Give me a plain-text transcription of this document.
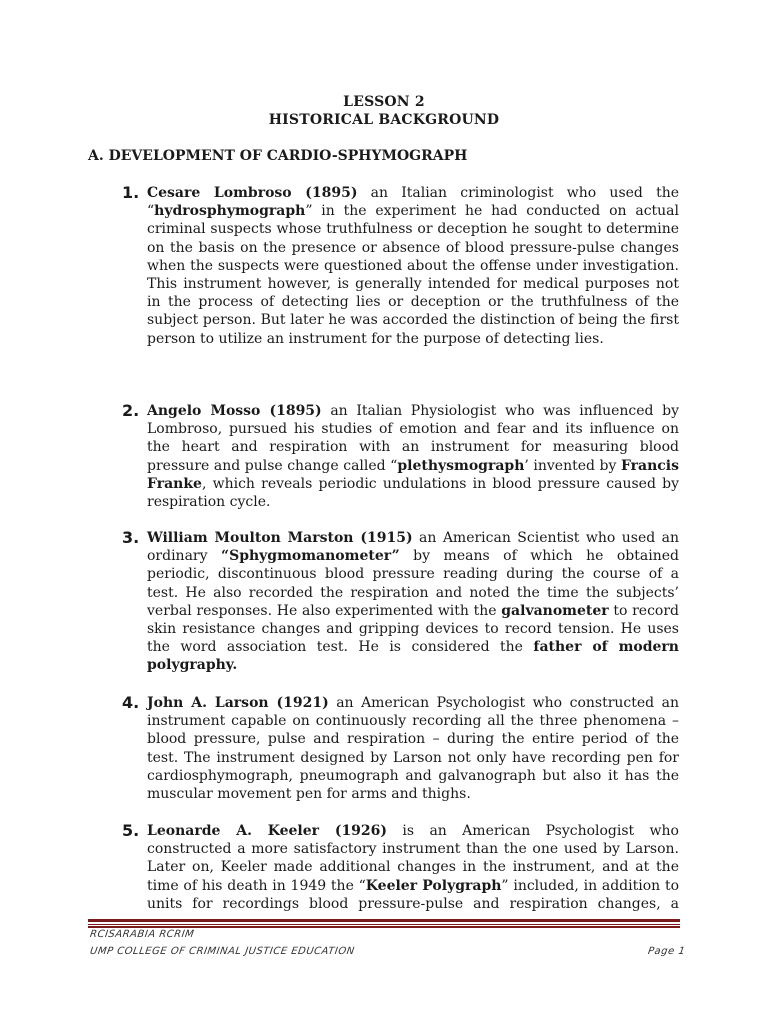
LESSON 2
HISTORICAL BACKGROUND
A. DEVELOPMENT OF CARDIO-SPHYMOGRAPH
1. Cesare Lombroso (1895) an Italian criminologist who used the “hydrosphymograph” in the experiment he had conducted on actual criminal suspects whose truthfulness or deception he sought to determine on the basis on the presence or absence of blood pressure-pulse changes when the suspects were questioned about the offense under investigation. This instrument however, is generally intended for medical purposes not in the process of detecting lies or deception or the truthfulness of the subject person. But later he was accorded the distinction of being the first person to utilize an instrument for the purpose of detecting lies.
2. Angelo Mosso (1895) an Italian Physiologist who was influenced by Lombroso, pursued his studies of emotion and fear and its influence on the heart and respiration with an instrument for measuring blood pressure and pulse change called “plethysmograph’ invented by Francis Franke, which reveals periodic undulations in blood pressure caused by respiration cycle.
3. William Moulton Marston (1915) an American Scientist who used an ordinary “Sphygmomanometer” by means of which he obtained periodic, discontinuous blood pressure reading during the course of a test. He also recorded the respiration and noted the time the subjects’ verbal responses. He also experimented with the galvanometer to record skin resistance changes and gripping devices to record tension. He uses the word association test. He is considered the father of modern polygraphy.
4. John A. Larson (1921) an American Psychologist who constructed an instrument capable on continuously recording all the three phenomena – blood pressure, pulse and respiration – during the entire period of the test. The instrument designed by Larson not only have recording pen for cardiosphymograph, pneumograph and galvanograph but also it has the muscular movement pen for arms and thighs.
5. Leonarde A. Keeler (1926) is an American Psychologist who constructed a more satisfactory instrument than the one used by Larson. Later on, Keeler made additional changes in the instrument, and at the time of his death in 1949 the “Keeler Polygraph” included, in addition to units for recordings blood pressure-pulse and respiration changes, a
RCISARABIA RCRIM
UMP COLLEGE OF CRIMINAL JUSTICE EDUCATION	Page 1
